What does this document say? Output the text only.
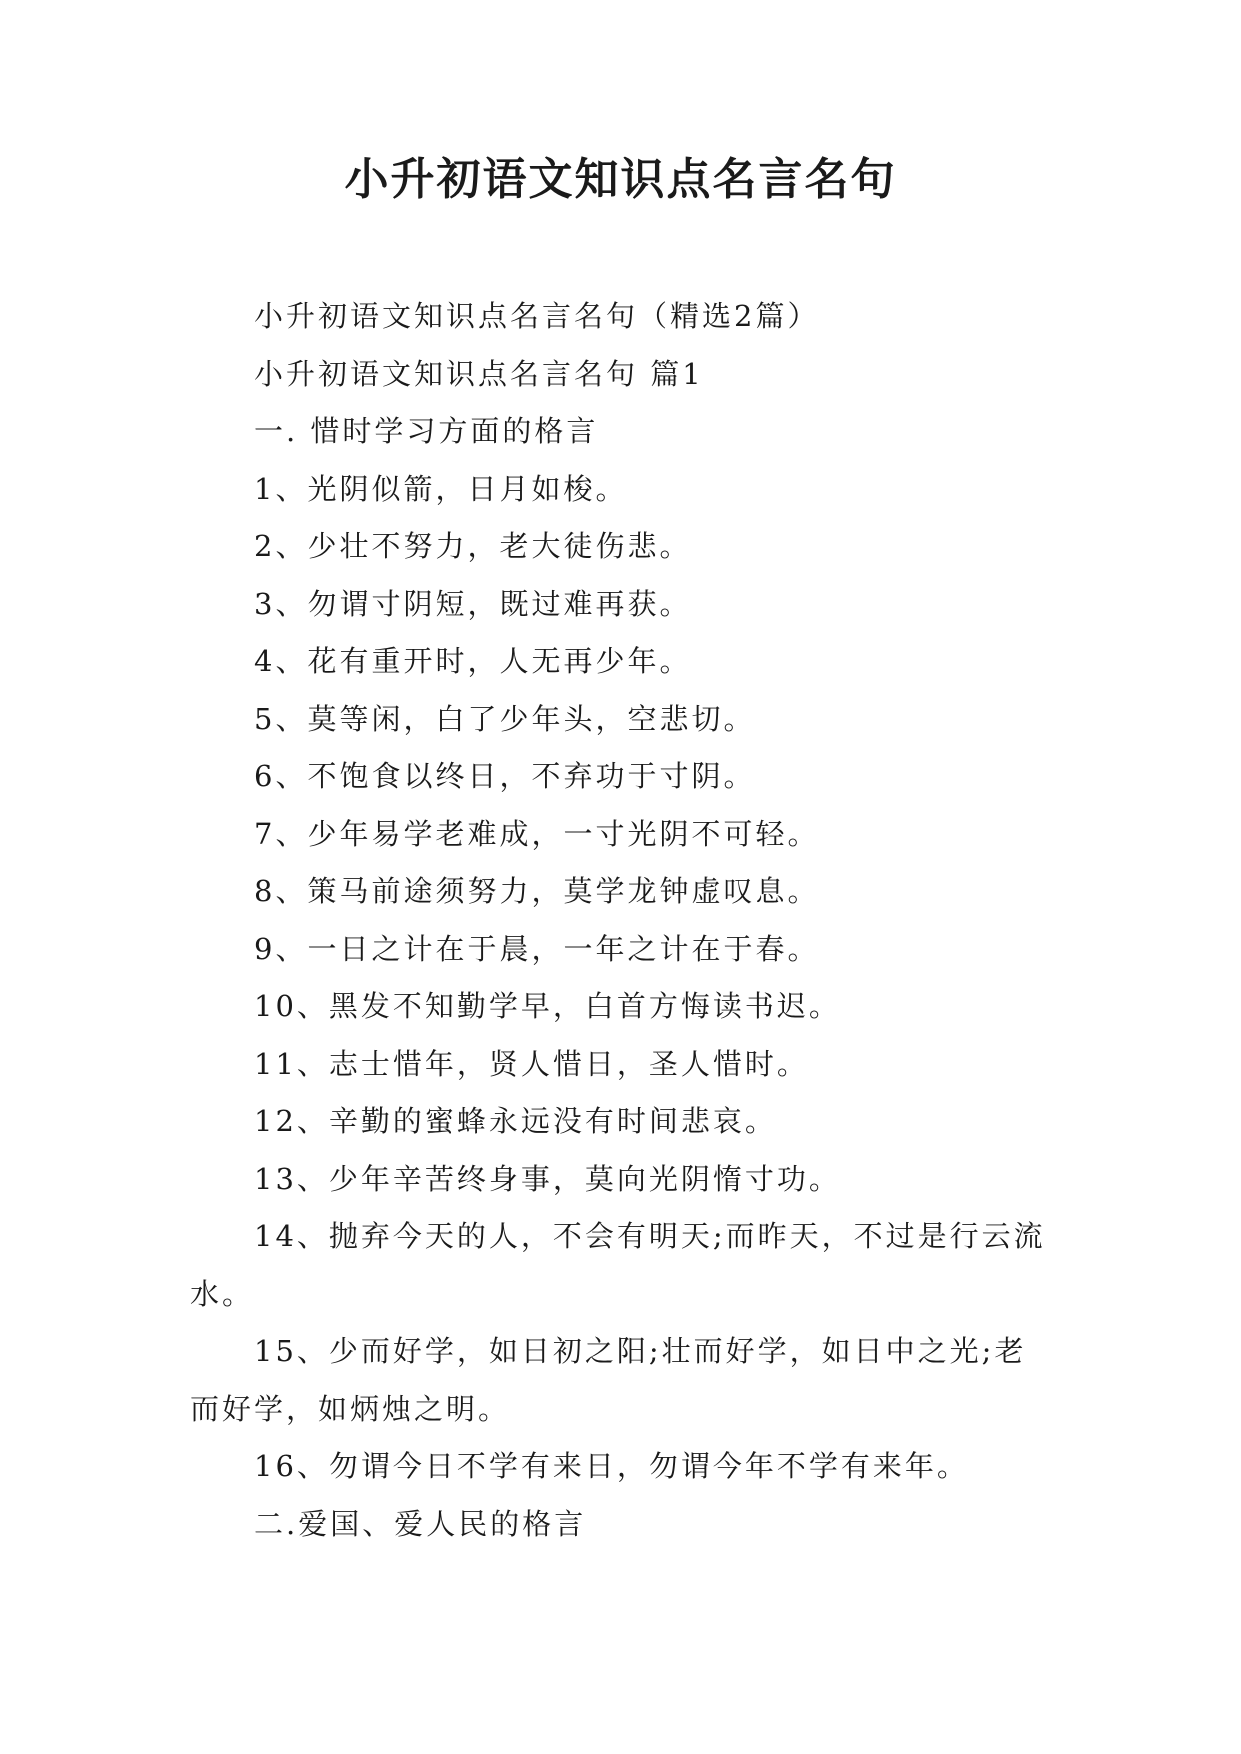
小升初语文知识点名言名句

小升初语文知识点名言名句（精选2篇）

小升初语文知识点名言名句 篇1

一. 惜时学习方面的格言

1、光阴似箭，日月如梭。

2、少壮不努力，老大徒伤悲。

3、勿谓寸阴短，既过难再获。

4、花有重开时，人无再少年。

5、莫等闲，白了少年头，空悲切。

6、不饱食以终日，不弃功于寸阴。

7、少年易学老难成，一寸光阴不可轻。

8、策马前途须努力，莫学龙钟虚叹息。

9、一日之计在于晨，一年之计在于春。

10、黑发不知勤学早，白首方悔读书迟。

11、志士惜年，贤人惜日，圣人惜时。

12、辛勤的蜜蜂永远没有时间悲哀。

13、少年辛苦终身事，莫向光阴惰寸功。

14、抛弃今天的人，不会有明天;而昨天，不过是行云流水。

15、少而好学，如日初之阳;壮而好学，如日中之光;老而好学，如炳烛之明。

16、勿谓今日不学有来日，勿谓今年不学有来年。

二.爱国、爱人民的格言
